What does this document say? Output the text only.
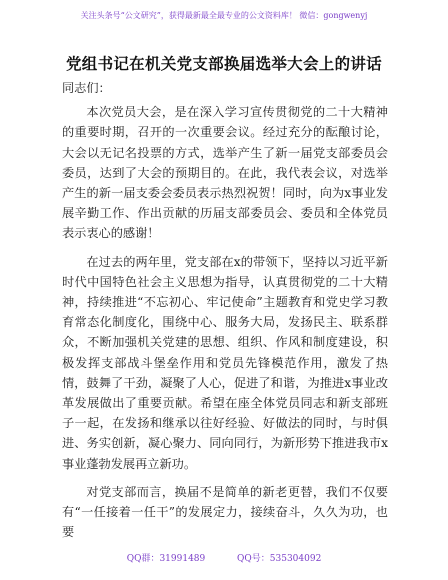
关注头条号“公文研究”，获得最新最全最专业的公文资料库！ 微信：gongwenyj
党组书记在机关党支部换届选举大会上的讲话

同志们：

本次党员大会，是在深入学习宣传贯彻党的二十大精神的重要时期，召开的一次重要会议。经过充分的酝酿讨论，大会以无记名投票的方式，选举产生了新一届党支部委员会委员，达到了大会的预期目的。在此，我代表会议，对选举产生的新一届支委会委员表示热烈祝贺！同时，向为x事业发展辛勤工作、作出贡献的历届支部委员会、委员和全体党员表示衷心的感谢！

在过去的两年里，党支部在x的带领下，坚持以习近平新时代中国特色社会主义思想为指导，认真贯彻党的二十大精神，持续推进“不忘初心、牢记使命”主题教育和党史学习教育常态化制度化，围绕中心、服务大局，发扬民主、联系群众，不断加强机关党建的思想、组织、作风和制度建设，积极发挥支部战斗堡垒作用和党员先锋模范作用，激发了热情，鼓舞了干劲，凝聚了人心，促进了和谐，为推进x事业改革发展做出了重要贡献。希望在座全体党员同志和新支部班子一起，在发扬和继承以往好经验、好做法的同时，与时俱进、务实创新，凝心聚力、同向同行，为新形势下推进我市x事业蓬勃发展再立新功。

对党支部而言，换届不是简单的新老更替，我们不仅要有“一任接着一任干”的发展定力，接续奋斗，久久为功，也要

QQ群：31991489	QQ号：535304092
